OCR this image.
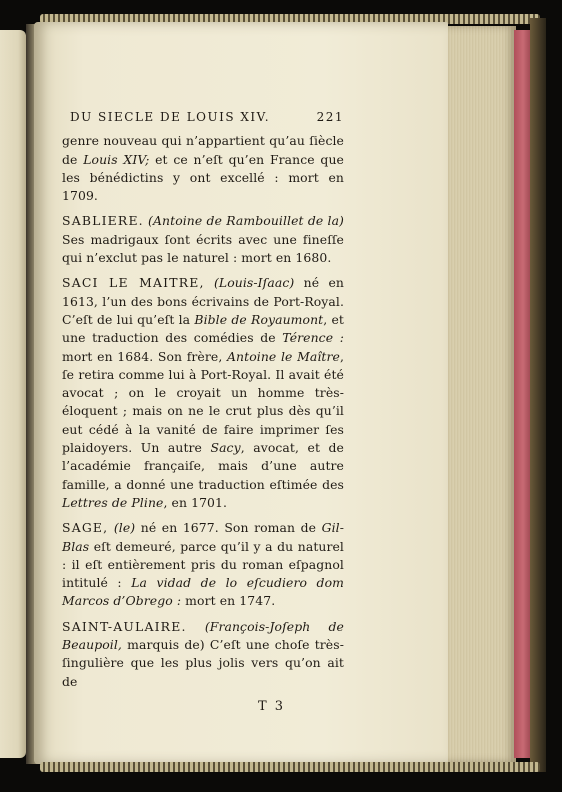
DU SIECLE DE LOUIS XIV.	221

genre nouveau qui n’appartient qu’au ſiècle de Louis XIV; et ce n’eſt qu’en France que les bénédictins y ont excellé : mort en 1709.

SABLIERE. (Antoine de Rambouillet de la) Ses madrigaux ſont écrits avec une fineſſe qui n’exclut pas le naturel : mort en 1680.

SACI LE MAITRE, (Louis-Iſaac) né en 1613, l’un des bons écrivains de Port-Royal. C’eſt de lui qu’eſt la Bible de Royaumont, et une traduction des comédies de Térence : mort en 1684. Son frère, Antoine le Maître, ſe retira comme lui à Port-Royal. Il avait été avocat ; on le croyait un homme très-éloquent ; mais on ne le crut plus dès qu’il eut cédé à la vanité de faire imprimer ſes plaidoyers. Un autre Sacy, avocat, et de l’académie françaiſe, mais d’une autre famille, a donné une traduction eſtimée des Lettres de Pline, en 1701.

SAGE, (le) né en 1677. Son roman de Gil-Blas eſt demeuré, parce qu’il y a du naturel : il eſt entièrement pris du roman eſpagnol intitulé : La vidad de lo eſcudiero dom Marcos d’Obrego : mort en 1747.

SAINT-AULAIRE. (François-Joſeph de Beaupoil, marquis de) C’eſt une choſe très-ſingulière que les plus jolis vers qu’on ait de

T 3
